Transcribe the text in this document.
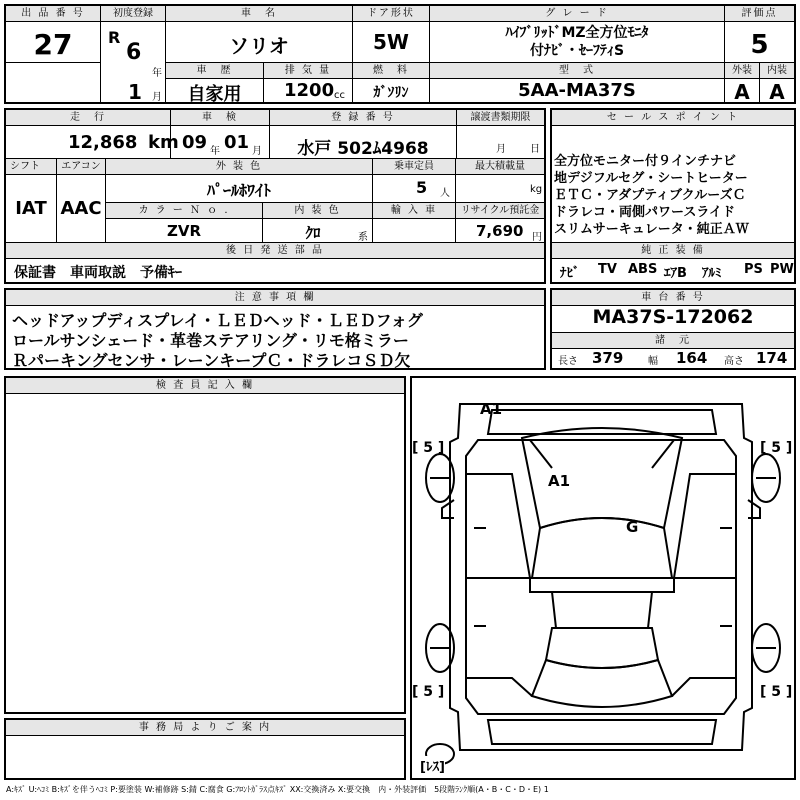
出 品 番 号
27
初度登録
R
6
年
1 月
車　名
ソリオ
ドア形状
5W
グ レ ー ド
ﾊｲﾌﾞﾘｯﾄﾞMZ全方位ﾓﾆﾀ
付ﾅﾋﾞ・ｾｰﾌﾃｨS
評価点
5
車　歴
自家用
排 気 量
1200 cc
燃　料
ｶﾞｿﾘﾝ
型　式
5AA-MA37S
外装
A
内装
A
走　行
12,868 km
車　検
09 年 01 月
登 録 番 号
水戸 502ﾑ4968
譲渡書類期限
月 日
シフト
IAT
エアコン
AAC
外 装 色
ﾊﾟｰﾙﾎﾜｲﾄ
乗車定員
5 人
最大積載量
kg
カ ラ ー Ｎ ｏ .
ZVR
内 装 色
ｸﾛ	系
輸 入 車	リサイクル預託金
7,690 円
後 日 発 送 部 品
保証書　車両取説　予備ｷｰ
セ ー ル ス ポ イ ン ト
全方位モニター付９インチナビ
地デジフルセグ・シートヒーター
ＥＴＣ・アダプティブクルーズＣ
ドラレコ・両側パワースライド
スリムサーキュレータ・純正ＡＷ
純 正 装 備
ﾅﾋﾞ TV ABS ｴｱB ｱﾙﾐ PS PW
注 意 事 項 欄
ヘッドアップディスプレイ・ＬＥＤヘッド・ＬＥＤフォグ
ロールサンシェード・革巻ステアリング・リモ格ミラー
Ｒパーキングセンサ・レーンキープＣ・ドラレコＳＤ欠
車 台 番 号
MA37S-172062
諸　元
長さ 379 幅 164 高さ 174
検 査 員 記 入 欄
事 務 局 よ り ご 案 内
A1
A1
G
[ 5 ]	[ 5 ]
[ 5 ]	[ 5 ]
[ﾚｽ]
A:ｷｽﾞ U:ﾍｺﾐ B:ｷｽﾞを伴うﾍｺﾐ P:要塗装 W:補修跡 S:錆 C:腐食 G:ﾌﾛﾝﾄｶﾞﾗｽ点ｷｽﾞ XX:交換済み X:要交換　内・外装評価　5段階ﾗﾝｸ順(A・B・C・D・E) 1
